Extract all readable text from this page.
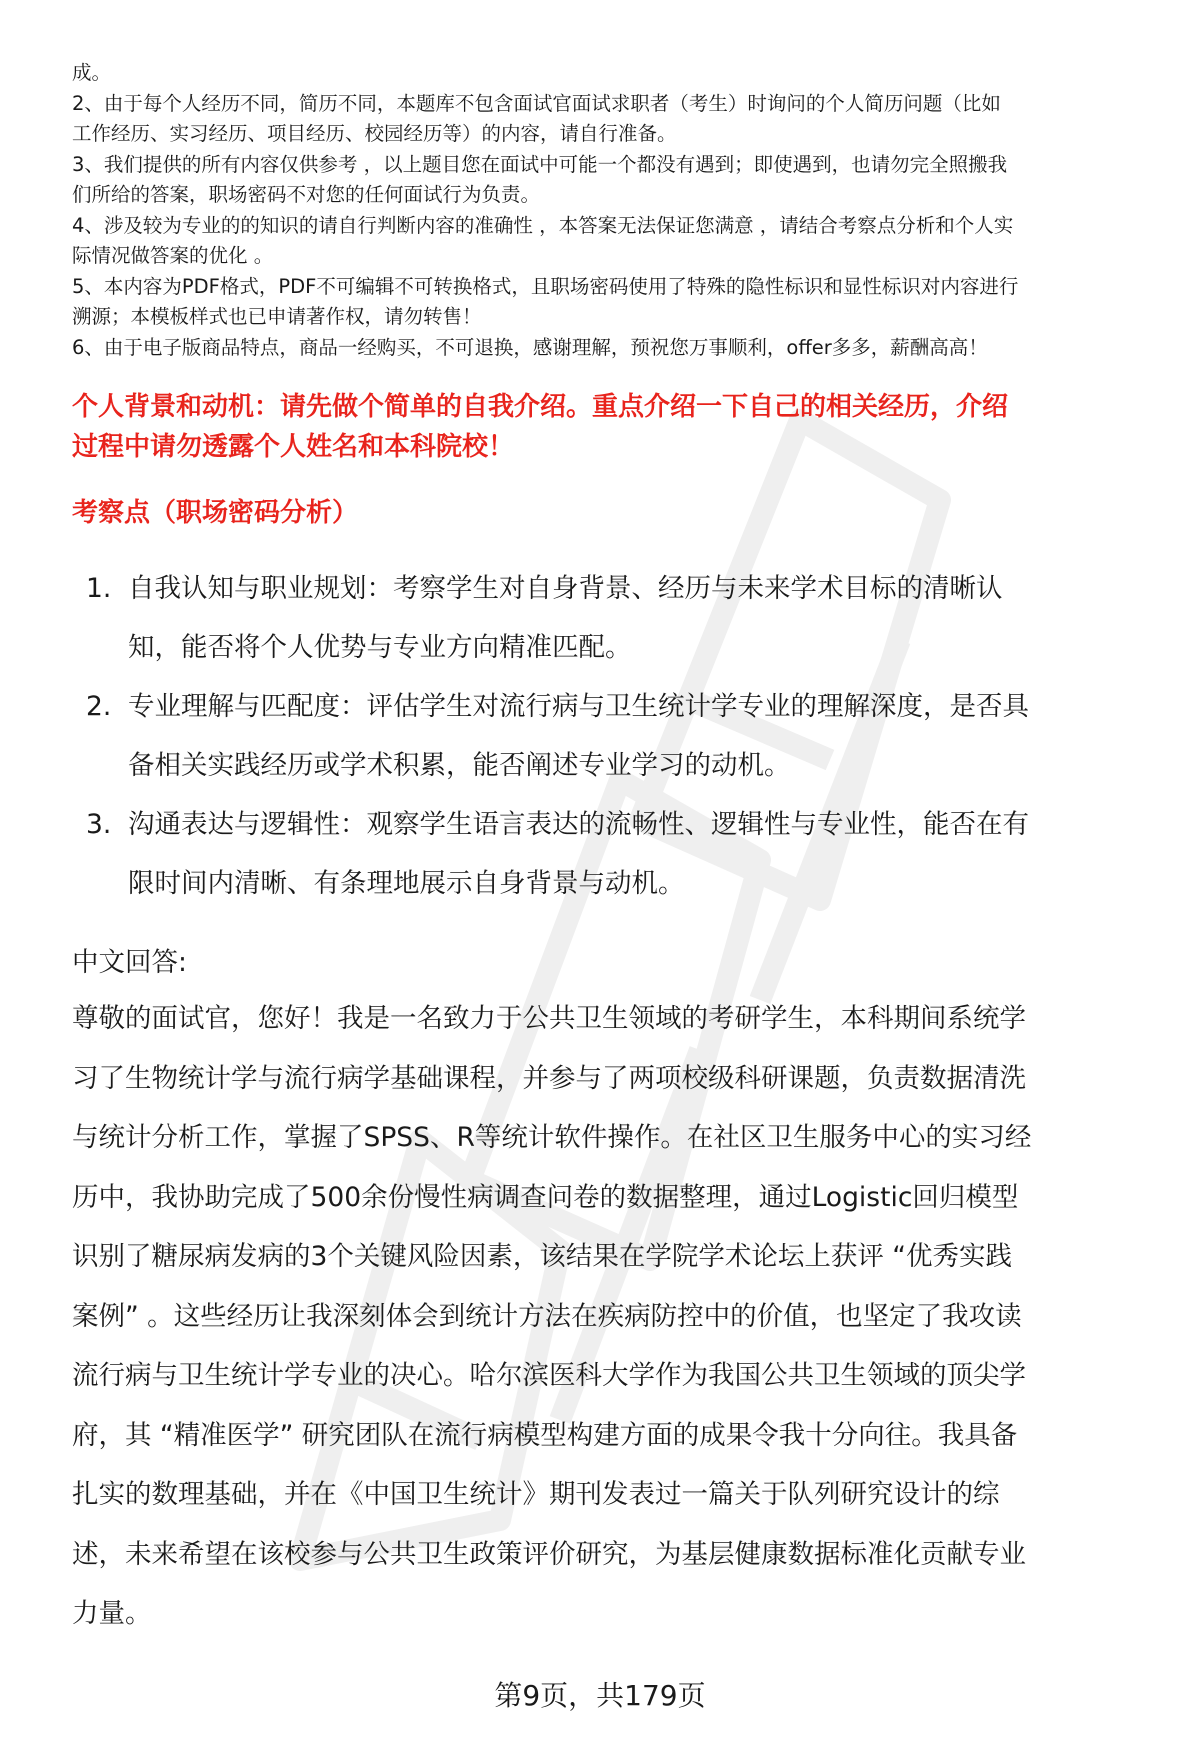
成。

2、由于每个人经历不同，简历不同，本题库不包含面试官面试求职者（考生）时询问的个人简历问题（比如

工作经历、实习经历、项目经历、校园经历等）的内容，请自行准备。

3、我们提供的所有内容仅供参考 ，以上题目您在面试中可能一个都没有遇到；即使遇到，也请勿完全照搬我

们所给的答案，职场密码不对您的任何面试行为负责。

4、涉及较为专业的的知识的请自行判断内容的准确性 ，本答案无法保证您满意 ，请结合考察点分析和个人实

际情况做答案的优化 。

5、本内容为PDF格式，PDF不可编辑不可转换格式，且职场密码使用了特殊的隐性标识和显性标识对内容进行

溯源；本模板样式也已申请著作权，请勿转售！

6、由于电子版商品特点，商品一经购买，不可退换，感谢理解，预祝您万事顺利，offer多多，薪酬高高！

个人背景和动机：请先做个简单的自我介绍。重点介绍一下自己的相关经历，介绍
过程中请勿透露个人姓名和本科院校！
考察点（职场密码分析）
1. 自我认知与职业规划：考察学生对自身背景、经历与未来学术目标的清晰认
知，能否将个人优势与专业方向精准匹配。
2. 专业理解与匹配度：评估学生对流行病与卫生统计学专业的理解深度，是否具
备相关实践经历或学术积累，能否阐述专业学习的动机。
3. 沟通表达与逻辑性：观察学生语言表达的流畅性、逻辑性与专业性，能否在有
限时间内清晰、有条理地展示自身背景与动机。
中文回答:
尊敬的面试官，您好！我是一名致力于公共卫生领域的考研学生，本科期间系统学
习了生物统计学与流行病学基础课程，并参与了两项校级科研课题，负责数据清洗
与统计分析工作，掌握了SPSS、R等统计软件操作。在社区卫生服务中心的实习经
历中，我协助完成了500余份慢性病调查问卷的数据整理，通过Logistic回归模型
识别了糖尿病发病的3个关键风险因素，该结果在学院学术论坛上获评 “优秀实践
案例” 。这些经历让我深刻体会到统计方法在疾病防控中的价值，也坚定了我攻读
流行病与卫生统计学专业的决心。哈尔滨医科大学作为我国公共卫生领域的顶尖学
府，其 “精准医学” 研究团队在流行病模型构建方面的成果令我十分向往。我具备
扎实的数理基础，并在《中国卫生统计》期刊发表过一篇关于队列研究设计的综
述，未来希望在该校参与公共卫生政策评价研究，为基层健康数据标准化贡献专业
力量。
第9页，共179页
